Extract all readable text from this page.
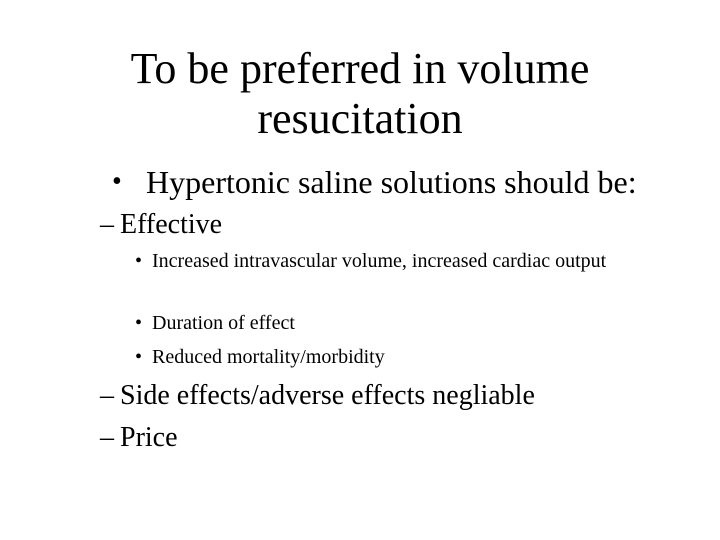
To be preferred in volume
resucitation
• Hypertonic saline solutions should be:
– Effective
• Increased intravascular volume, increased cardiac output
• Duration of effect
• Reduced mortality/morbidity
– Side effects/adverse effects negliable
– Price
